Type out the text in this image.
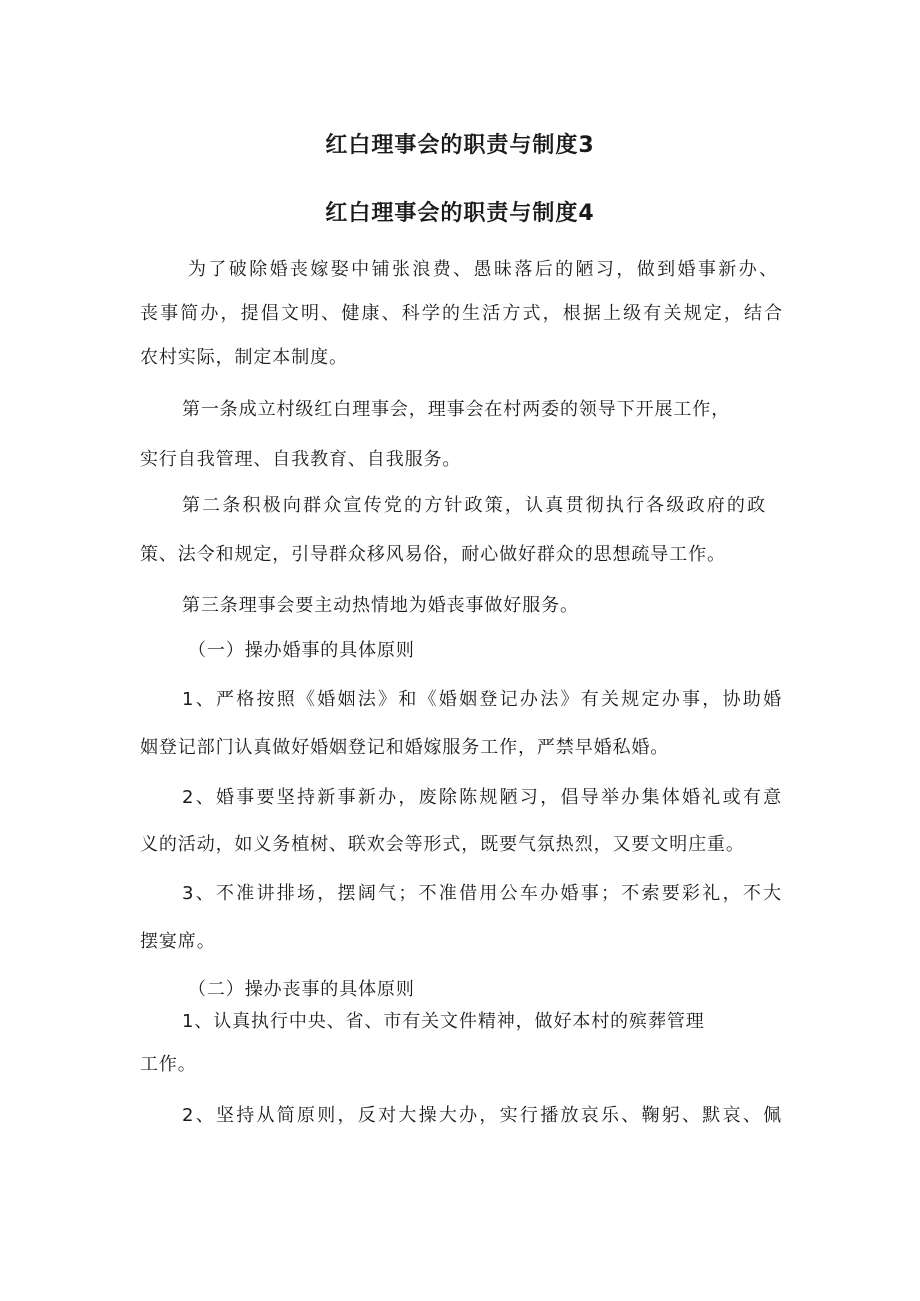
红白理事会的职责与制度3
红白理事会的职责与制度4
为了破除婚丧嫁娶中铺张浪费、愚昧落后的陋习，做到婚事新办、
丧事简办，提倡文明、健康、科学的生活方式，根据上级有关规定，结合
农村实际，制定本制度。
第一条成立村级红白理事会，理事会在村两委的领导下开展工作，
实行自我管理、自我教育、自我服务。
第二条积极向群众宣传党的方针政策，认真贯彻执行各级政府的政
策、法令和规定，引导群众移风易俗，耐心做好群众的思想疏导工作。
第三条理事会要主动热情地为婚丧事做好服务。
（一）操办婚事的具体原则
1、严格按照《婚姻法》和《婚姻登记办法》有关规定办事，协助婚
姻登记部门认真做好婚姻登记和婚嫁服务工作，严禁早婚私婚。
2、婚事要坚持新事新办，废除陈规陋习，倡导举办集体婚礼或有意
义的活动，如义务植树、联欢会等形式，既要气氛热烈，又要文明庄重。
3、不准讲排场，摆阔气；不准借用公车办婚事；不索要彩礼，不大
摆宴席。
（二）操办丧事的具体原则
1、认真执行中央、省、市有关文件精神，做好本村的殡葬管理
工作。
2、坚持从简原则，反对大操大办，实行播放哀乐、鞠躬、默哀、佩
